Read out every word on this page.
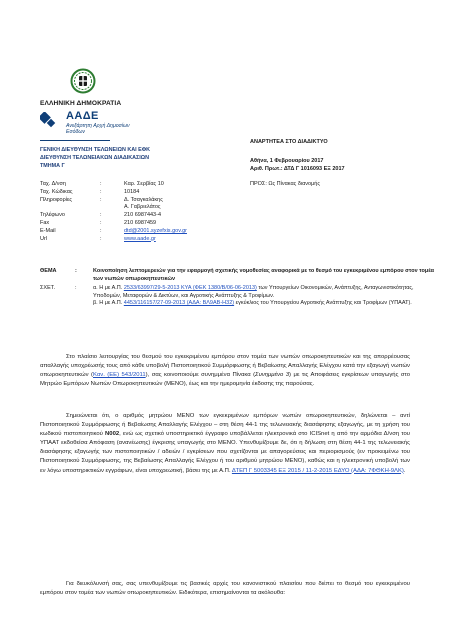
ΕΛΛΗΝΙΚΗ ΔΗΜΟΚΡΑΤΙΑ
ΑΑΔΕ
Ανεξάρτητη Αρχή Δημοσίων Εσόδων
ΓΕΝΙΚΗ ΔΙΕΥΘΥΝΣΗ ΤΕΛΩΝΕΙΩΝ ΚΑΙ ΕΦΚ
ΔΙΕΥΘΥΝΣΗ ΤΕΛΩΝΕΙΑΚΩΝ ΔΙΑΔΙΚΑΣΙΩΝ
ΤΜΗΜΑ Γ
ΑΝΑΡΤΗΤΕΑ ΣΤΟ ΔΙΑΔΙΚΤΥΟ
Αθήνα, 1 Φεβρουαρίου 2017
Αριθ. Πρωτ.: ΔΤΔ Γ 1016093 ΕΞ 2017
Ταχ. Δ/νση	:	Καρ. Σερβίας 10
Ταχ. Κώδικας	:	10184
Πληροφορίες	:	Δ. Τσαγκαλάκης
Α. Γαβριελάτος
Τηλέφωνο	:	210 6987443-4
Fax	:	210 6987459
E-Mail	:	dtd@2001.syzefxis.gov.gr
Url	:	www.aade.gr
ΠΡΟΣ: Ως Πίνακας διανομής
ΘΕΜΑ	:	Κοινοποίηση λεπτομερειών για την εφαρμογή σχετικής νομοθεσίας αναφορικά με το θεσμό του εγκεκριμένου εμπόρου στον τομέα των νωπών οπωροκηπευτικών
ΣΧΕΤ.	:	α. Η με Α.Π. 2533/63997/29-5-2013 ΚΥΑ (ΦΕΚ 1380/Β/06-06-2013) των Υπουργείων Οικονομικών, Ανάπτυξης, Ανταγωνιστικότητας, Υποδομών, Μεταφορών & Δικτύων, και Αγροτικής Ανάπτυξης & Τροφίμων.
β. Η με Α.Π. 4453/116157/27-09-2013 (ΑΔΑ: ΒΛ9ΑΒ-Η32) εγκύκλιος του Υπουργείου Αγροτικής Ανάπτυξης και Τροφίμων (ΥΠΑΑΤ).
Στο πλαίσιο λειτουργίας του θεσμού του εγκεκριμένου εμπόρου στον τομέα των νωπών οπωροκηπευτικών και της απορρέουσας απαλλαγής υποχρέωσής τους από κάθε υποβολή Πιστοποιητικού Συμμόρφωσης ή Βεβαίωσης Απαλλαγής Ελέγχου κατά την εξαγωγή νωπών οπωροκηπευτικών (Καν. (ΕΕ) 543/2011), σας κοινοποιούμε συνημμένα Πίνακα (Συνημμένο 3) με τις Αποφάσεις εγκρίσεων υπαγωγής στο Μητρώο Εμπόρων Νωπών Οπωροκηπευτικών (ΜΕΝΟ), έως και την ημερομηνία έκδοσης της παρούσας.
Σημειώνεται ότι, ο αριθμός μητρώου ΜΕΝΟ των εγκεκριμένων εμπόρων νωπών οπωροκηπευτικών, δηλώνεται – αντί Πιστοποιητικού Συμμόρφωσης ή Βεβαίωσης Απαλλαγής Ελέγχου – στη θέση 44-1 της τελωνειακής διασάφησης εξαγωγής, με τη χρήση του κωδικού πιστοποιητικού N002, ενώ ως σχετικό υποστηρικτικό έγγραφο υποβάλλεται ηλεκτρονικά στο ICISnet η από την αρμόδια Δ/νση του ΥΠΑΑΤ εκδοθείσα Απόφαση (ανανέωσης) έγκρισης υπαγωγής στο ΜΕΝΟ. Υπενθυμίζουμε δε, ότι η δήλωση στη θέση 44-1 της τελωνειακής διασάφησης εξαγωγής των πιστοποιητικών / αδειών / εγκρίσεων που σχετίζονται με απαγορεύσεις και περιορισμούς (εν προκειμένω του Πιστοποιητικού Συμμόρφωσης, της Βεβαίωσης Απαλλαγής Ελέγχου ή του αριθμού μητρώου ΜΕΝΟ), καθώς και η ηλεκτρονική υποβολή των εν λόγω υποστηρικτικών εγγράφων, είναι υποχρεωτική, βάσει της με Α.Π. ΔΤΕΠ Γ 5003345 ΕΞ 2015 / 11-2-2015 ΕΔΥΟ (ΑΔΑ: 7ΦΘΚΗ-9ΛΚ).
Για διευκόλυνσή σας, σας υπενθυμίζουμε τις βασικές αρχές του κανονιστικού πλαισίου που διέπει το θεσμό του εγκεκριμένου εμπόρου στον τομέα των νωπών οπωροκηπευτικών. Ειδικότερα, επισημαίνονται τα ακόλουθα:
